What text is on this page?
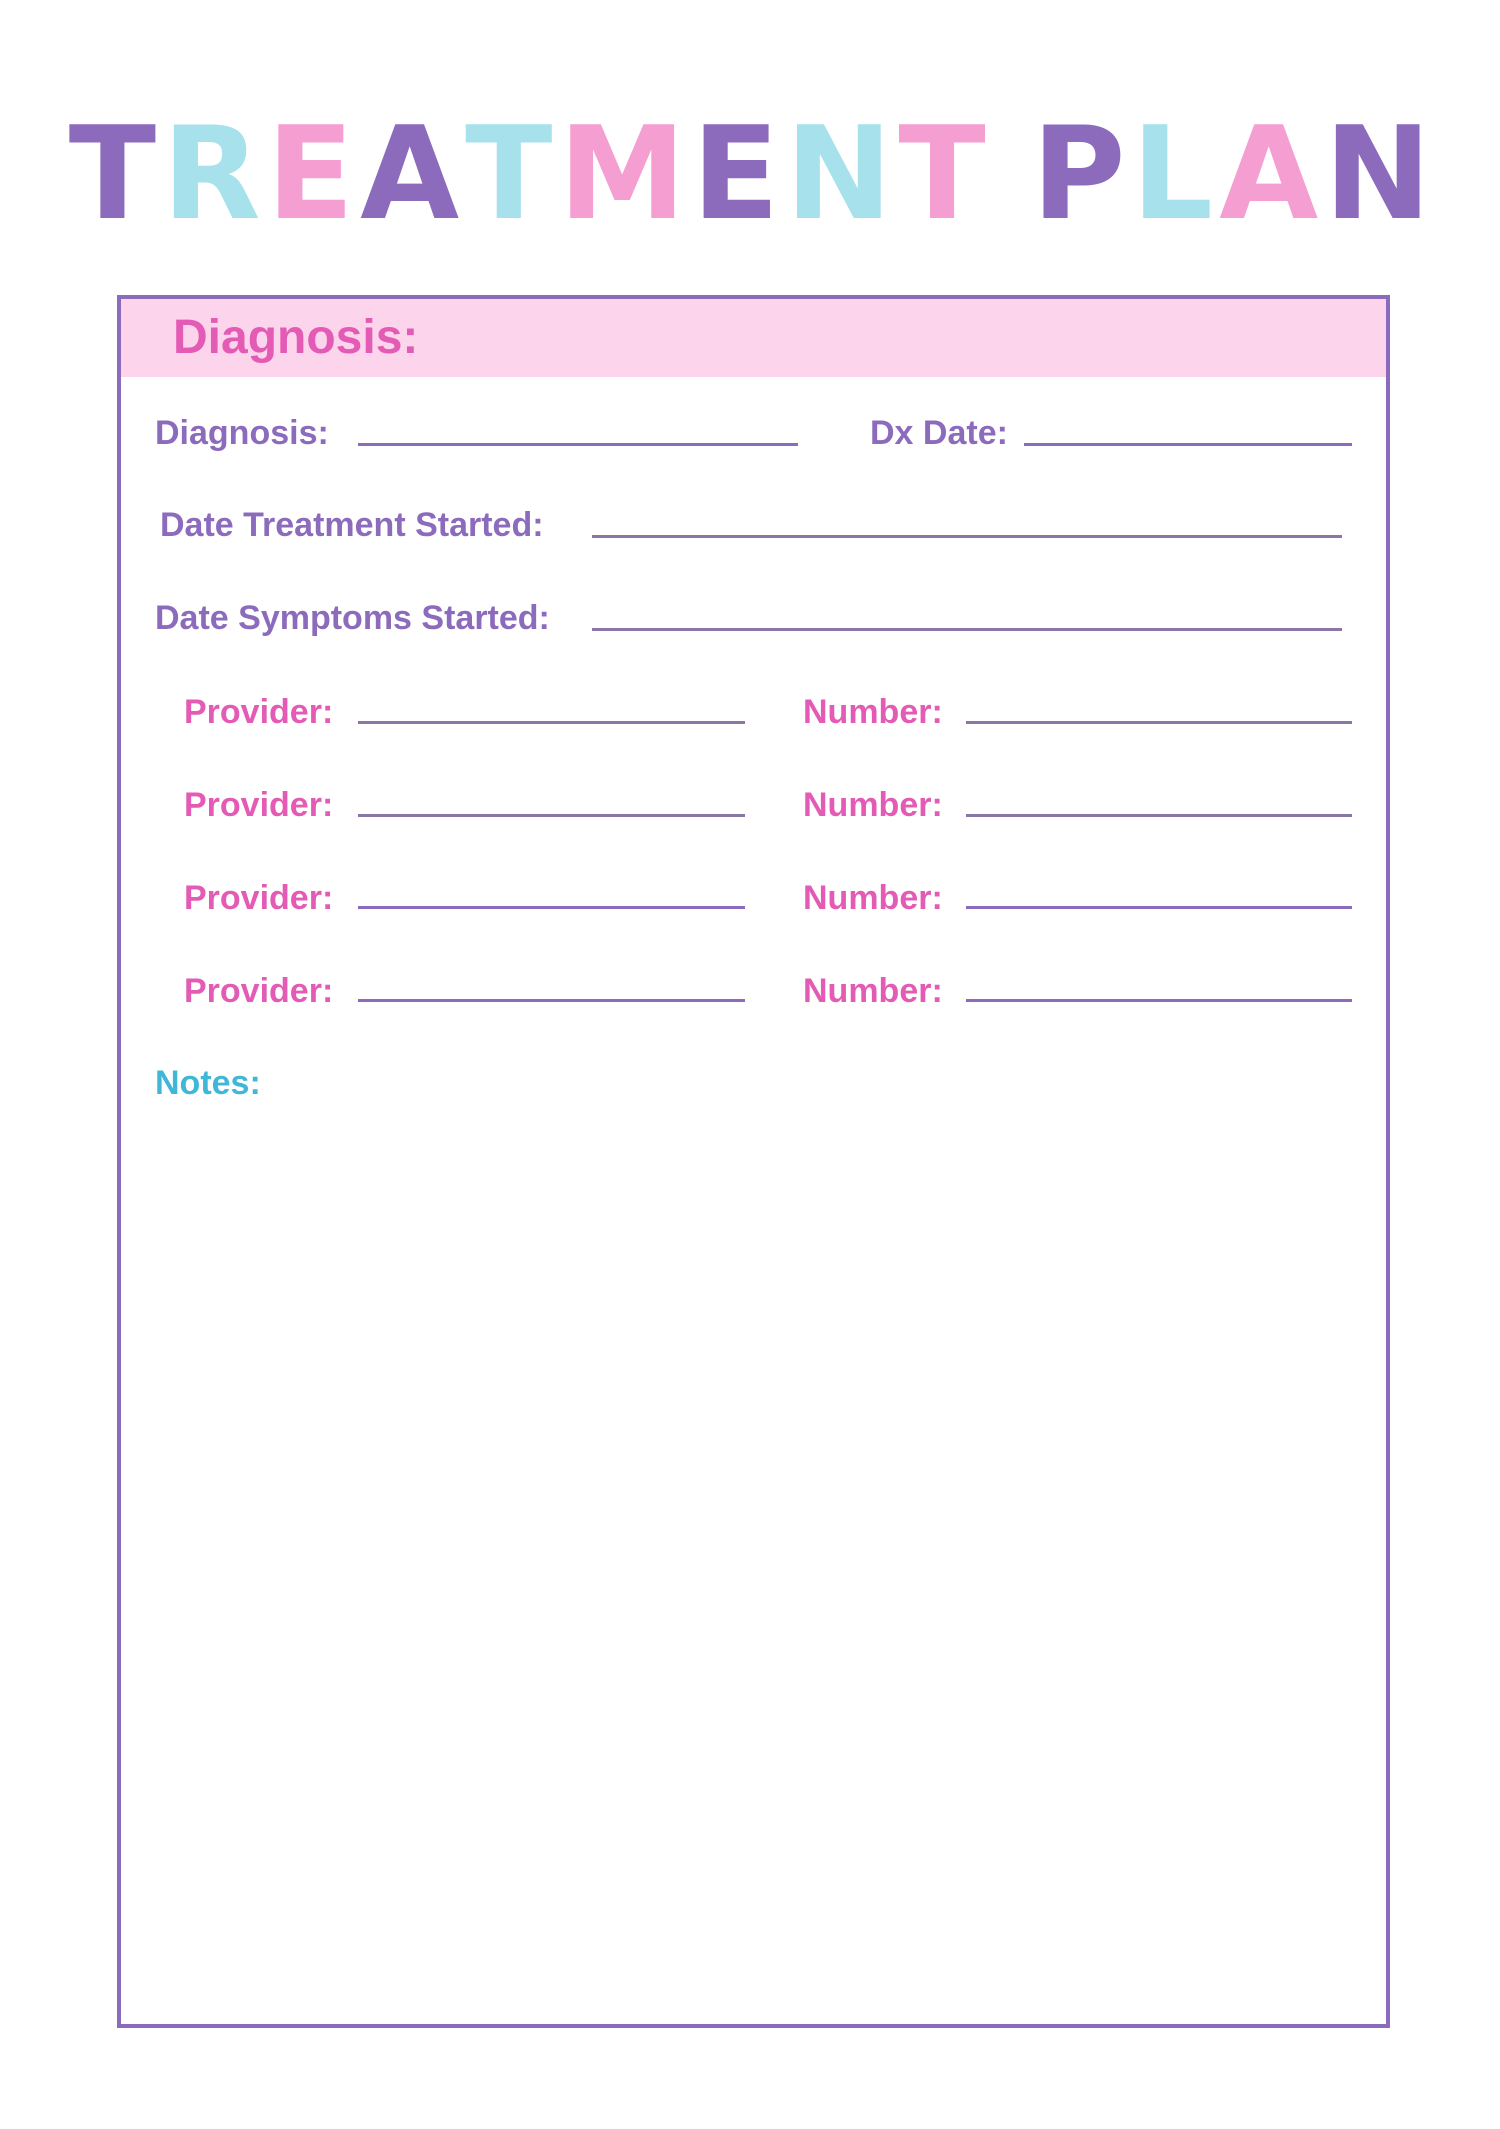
TREATMENT PLAN
Diagnosis:
Diagnosis:	Dx Date:
Date Treatment Started:
Date Symptoms Started:
Provider:	Number:
Provider:	Number:
Provider:	Number:
Provider:	Number:
Notes:
